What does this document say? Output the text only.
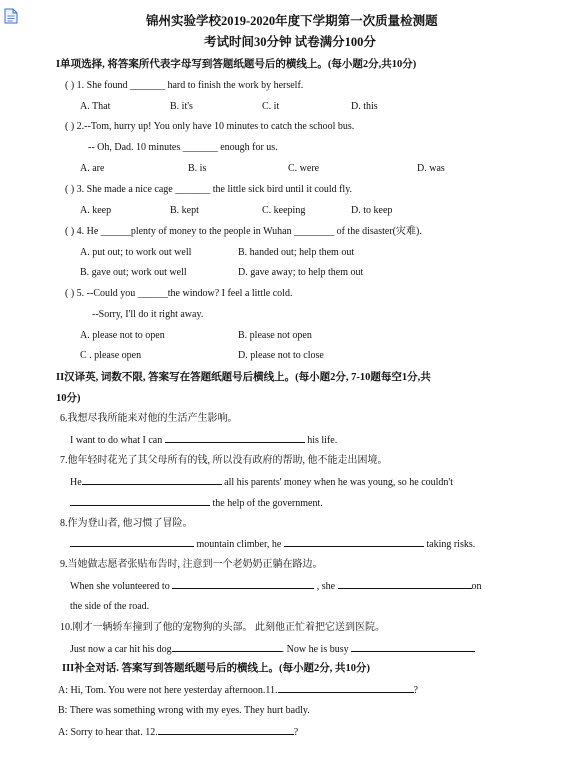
锦州实验学校2019-2020年度下学期第一次质量检测题
考试时间30分钟 试卷满分100分
I单项选择, 将答案所代表字母写到答题纸题号后的横线上。(每小题2分,共10分)
( ) 1. She found _______ hard to finish the work by herself.
A. That	B. it's	C. it	D. this
( ) 2.--Tom, hurry up! You only have 10 minutes to catch the school bus.
-- Oh, Dad. 10 minutes _______ enough for us.
A. are	B. is	C. were	D. was
( ) 3. She made a nice cage _______ the little sick bird until it could fly.
A. keep	B. kept	C. keeping	D. to keep
( ) 4. He ______plenty of money to the people in Wuhan ________ of the disaster(灾难).
A. put out; to work out well	B. handed out; help them out
B. gave out; work out well	D. gave away; to help them out
( ) 5. --Could you ______the window? I feel a little cold.
--Sorry, I'll do it right away.
A. please not to open	B. please not open
C . please open	D. please not to close
II汉译英, 词数不限, 答案写在答题纸题号后横线上。(每小题2分, 7-10题每空1分,共
10分)
6.我想尽我所能来对他的生活产生影响。
I want to do what I can	his life.
7.他年轻时花光了其父母所有的钱, 所以没有政府的帮助, 他不能走出困境。
He	all his parents' money when he was young, so he couldn't
the help of the government.
8.作为登山者, 他习惯了冒险。
mountain climber, he	taking risks.
9.当她做志愿者张贴布告时, 注意到一个老奶奶正躺在路边。
When she volunteered to	, she	on
the side of the road.
10.刚才一辆轿车撞到了他的宠物狗的头部。 此刻他正忙着把它送到医院。
Just now a car hit his dog	. Now he is busy
III补全对话. 答案写到答题纸题号后的横线上。(每小题2分, 共10分)
A: Hi, Tom. You were not here yesterday afternoon.11.	?
B: There was something wrong with my eyes. They hurt badly.
A: Sorry to hear that. 12.	?
